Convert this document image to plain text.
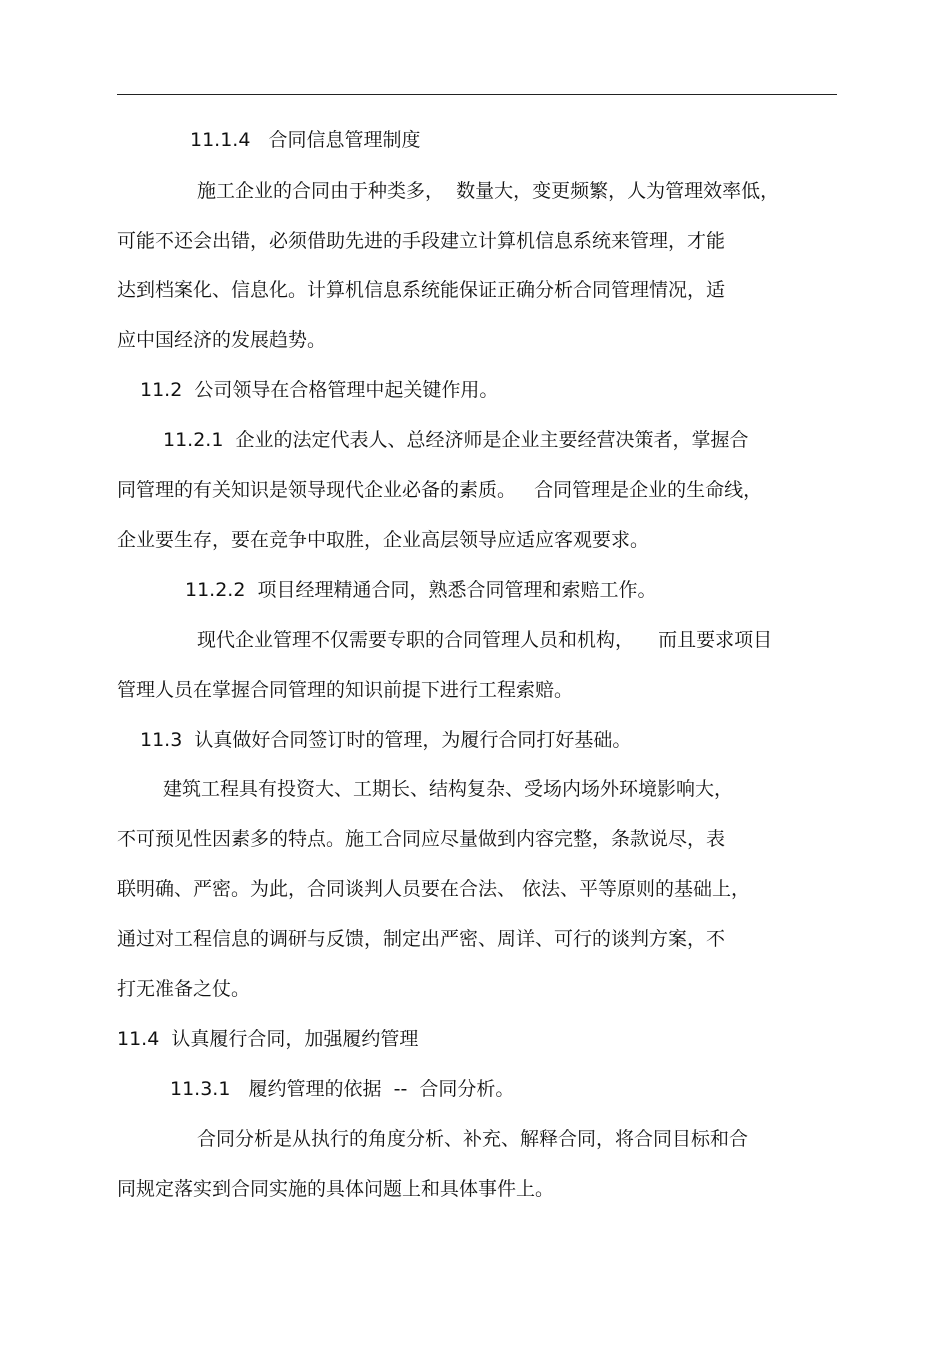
11.1.4   合同信息管理制度
施工企业的合同由于种类多，  数量大，变更频繁，人为管理效率低，
可能不还会出错，必须借助先进的手段建立计算机信息系统来管理，才能
达到档案化、信息化。计算机信息系统能保证正确分析合同管理情况，适
应中国经济的发展趋势。
11.2  公司领导在合格管理中起关键作用。
11.2.1  企业的法定代表人、总经济师是企业主要经营决策者，掌握合
同管理的有关知识是领导现代企业必备的素质。   合同管理是企业的生命线，
企业要生存，要在竞争中取胜，企业高层领导应适应客观要求。
11.2.2  项目经理精通合同，熟悉合同管理和索赔工作。
现代企业管理不仅需要专职的合同管理人员和机构，    而且要求项目
管理人员在掌握合同管理的知识前提下进行工程索赔。
11.3  认真做好合同签订时的管理，为履行合同打好基础。
建筑工程具有投资大、工期长、结构复杂、受场内场外环境影响大，
不可预见性因素多的特点。施工合同应尽量做到内容完整，条款说尽，表
联明确、严密。为此，合同谈判人员要在合法、 依法、平等原则的基础上，
通过对工程信息的调研与反馈，制定出严密、周详、可行的谈判方案，不
打无准备之仗。
11.4  认真履行合同，加强履约管理
11.3.1   履约管理的依据  --  合同分析。
合同分析是从执行的角度分析、补充、解释合同，将合同目标和合
同规定落实到合同实施的具体问题上和具体事件上。
